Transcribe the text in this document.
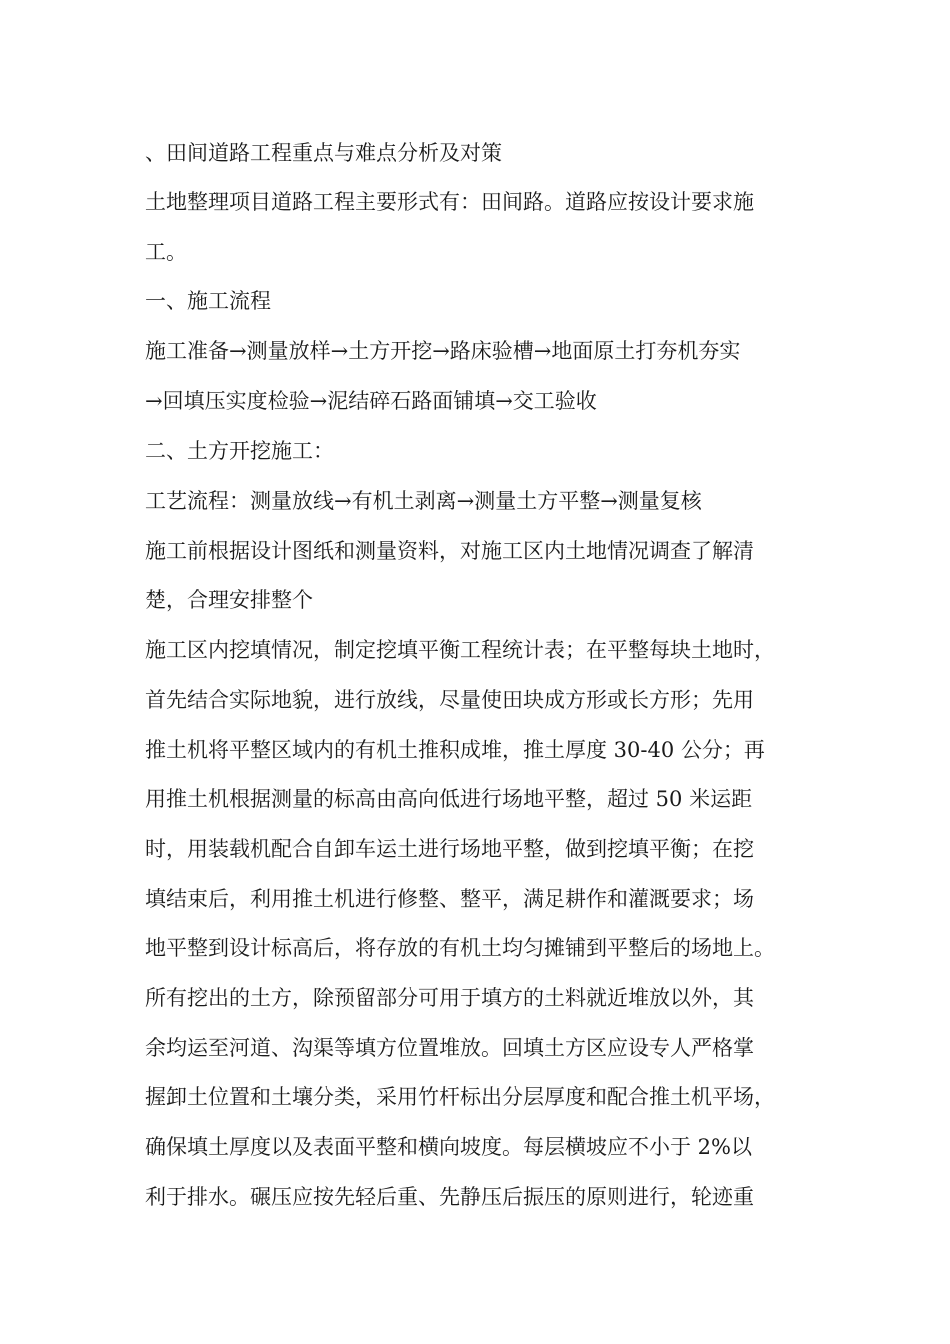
、田间道路工程重点与难点分析及对策
土地整理项目道路工程主要形式有：田间路。道路应按设计要求施
工。
一、施工流程
施工准备→测量放样→土方开挖→路床验槽→地面原土打夯机夯实
→回填压实度检验→泥结碎石路面铺填→交工验收
二、土方开挖施工：
工艺流程：测量放线→有机土剥离→测量土方平整→测量复核
施工前根据设计图纸和测量资料，对施工区内土地情况调查了解清
楚，合理安排整个
施工区内挖填情况，制定挖填平衡工程统计表；在平整每块土地时，
首先结合实际地貌，进行放线，尽量使田块成方形或长方形；先用
推土机将平整区域内的有机土推积成堆，推土厚度 30-40 公分；再
用推土机根据测量的标高由高向低进行场地平整，超过 50 米运距
时，用装载机配合自卸车运土进行场地平整，做到挖填平衡；在挖
填结束后，利用推土机进行修整、整平，满足耕作和灌溉要求；场
地平整到设计标高后，将存放的有机土均匀摊铺到平整后的场地上。
所有挖出的土方，除预留部分可用于填方的土料就近堆放以外，其
余均运至河道、沟渠等填方位置堆放。回填土方区应设专人严格掌
握卸土位置和土壤分类，采用竹杆标出分层厚度和配合推土机平场，
确保填土厚度以及表面平整和横向坡度。每层横坡应不小于 2%以
利于排水。碾压应按先轻后重、先静压后振压的原则进行，轮迹重
